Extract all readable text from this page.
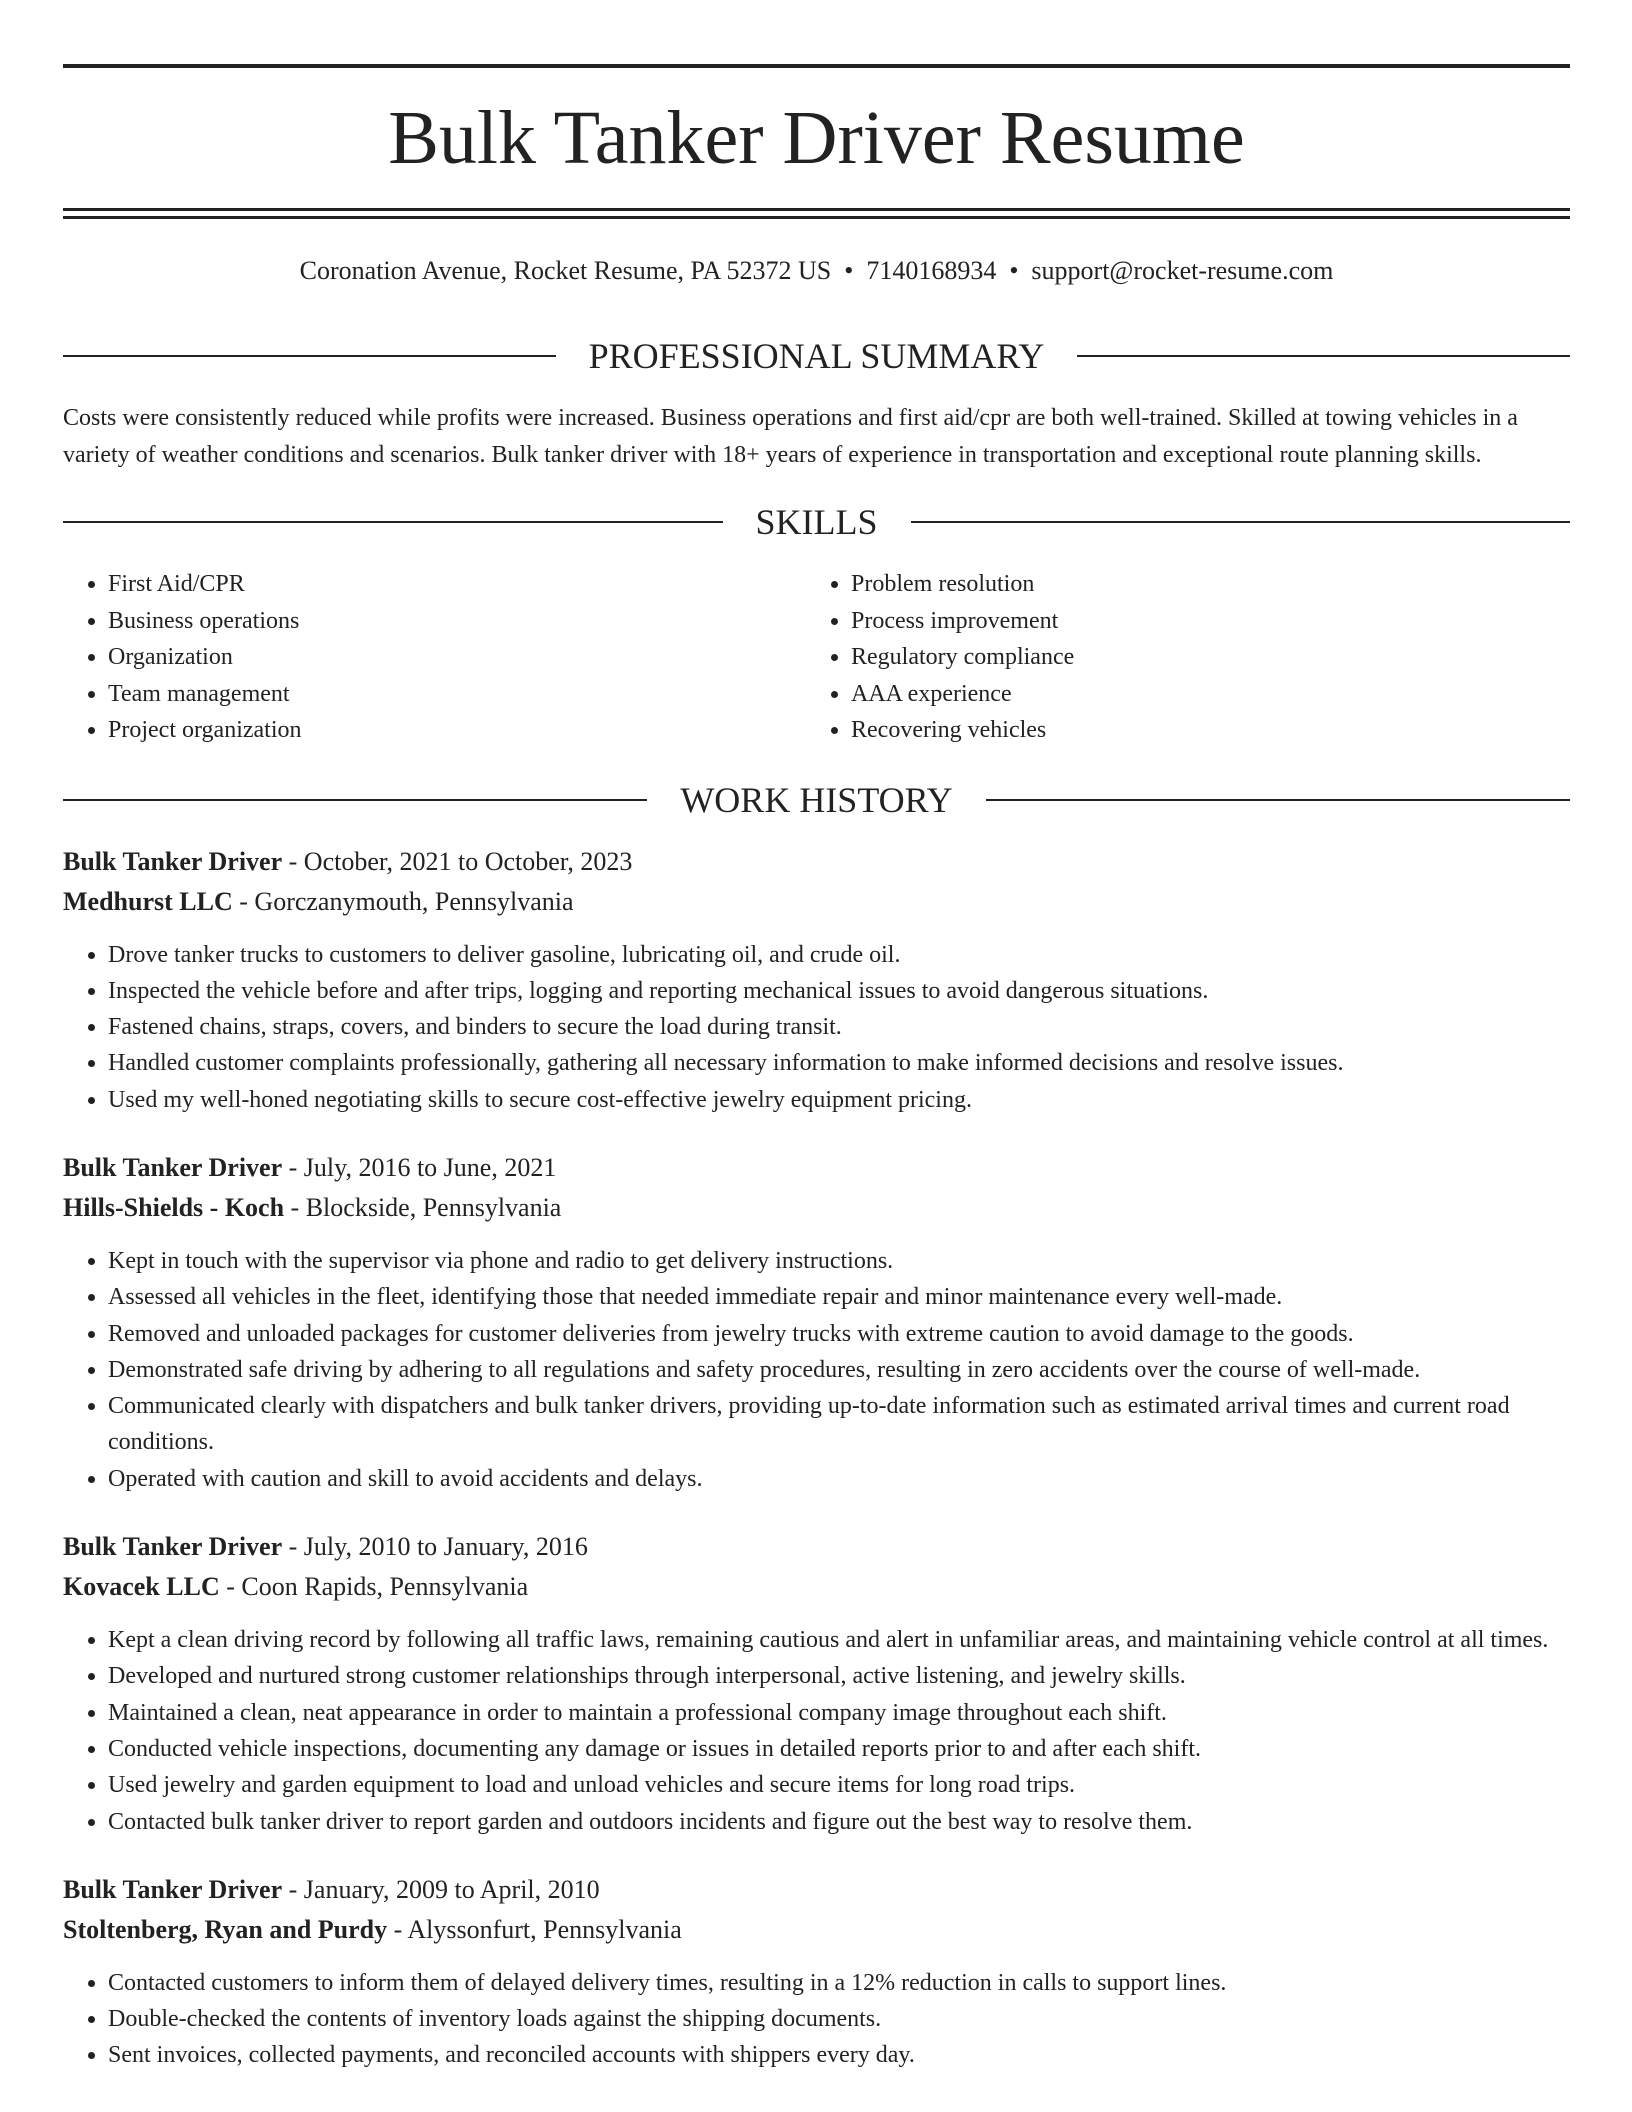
Bulk Tanker Driver Resume
Coronation Avenue, Rocket Resume, PA 52372 US • 7140168934 • support@rocket-resume.com
PROFESSIONAL SUMMARY

Costs were consistently reduced while profits were increased. Business operations and first aid/cpr are both well-trained. Skilled at towing vehicles in a variety of weather conditions and scenarios. Bulk tanker driver with 18+ years of experience in transportation and exceptional route planning skills.

SKILLS
• First Aid/CPR
• Business operations
• Organization
• Team management
• Project organization
• Problem resolution
• Process improvement
• Regulatory compliance
• AAA experience
• Recovering vehicles
WORK HISTORY
Bulk Tanker Driver - October, 2021 to October, 2023
Medhurst LLC - Gorczanymouth, Pennsylvania
• Drove tanker trucks to customers to deliver gasoline, lubricating oil, and crude oil.
• Inspected the vehicle before and after trips, logging and reporting mechanical issues to avoid dangerous situations.
• Fastened chains, straps, covers, and binders to secure the load during transit.
• Handled customer complaints professionally, gathering all necessary information to make informed decisions and resolve issues.
• Used my well-honed negotiating skills to secure cost-effective jewelry equipment pricing.
Bulk Tanker Driver - July, 2016 to June, 2021
Hills-Shields - Koch - Blockside, Pennsylvania
• Kept in touch with the supervisor via phone and radio to get delivery instructions.
• Assessed all vehicles in the fleet, identifying those that needed immediate repair and minor maintenance every well-made.
• Removed and unloaded packages for customer deliveries from jewelry trucks with extreme caution to avoid damage to the goods.
• Demonstrated safe driving by adhering to all regulations and safety procedures, resulting in zero accidents over the course of well-made.
• Communicated clearly with dispatchers and bulk tanker drivers, providing up-to-date information such as estimated arrival times and current road conditions.
• Operated with caution and skill to avoid accidents and delays.
Bulk Tanker Driver - July, 2010 to January, 2016
Kovacek LLC - Coon Rapids, Pennsylvania
• Kept a clean driving record by following all traffic laws, remaining cautious and alert in unfamiliar areas, and maintaining vehicle control at all times.
• Developed and nurtured strong customer relationships through interpersonal, active listening, and jewelry skills.
• Maintained a clean, neat appearance in order to maintain a professional company image throughout each shift.
• Conducted vehicle inspections, documenting any damage or issues in detailed reports prior to and after each shift.
• Used jewelry and garden equipment to load and unload vehicles and secure items for long road trips.
• Contacted bulk tanker driver to report garden and outdoors incidents and figure out the best way to resolve them.
Bulk Tanker Driver - January, 2009 to April, 2010
Stoltenberg, Ryan and Purdy - Alyssonfurt, Pennsylvania
• Contacted customers to inform them of delayed delivery times, resulting in a 12% reduction in calls to support lines.
• Double-checked the contents of inventory loads against the shipping documents.
• Sent invoices, collected payments, and reconciled accounts with shippers every day.
